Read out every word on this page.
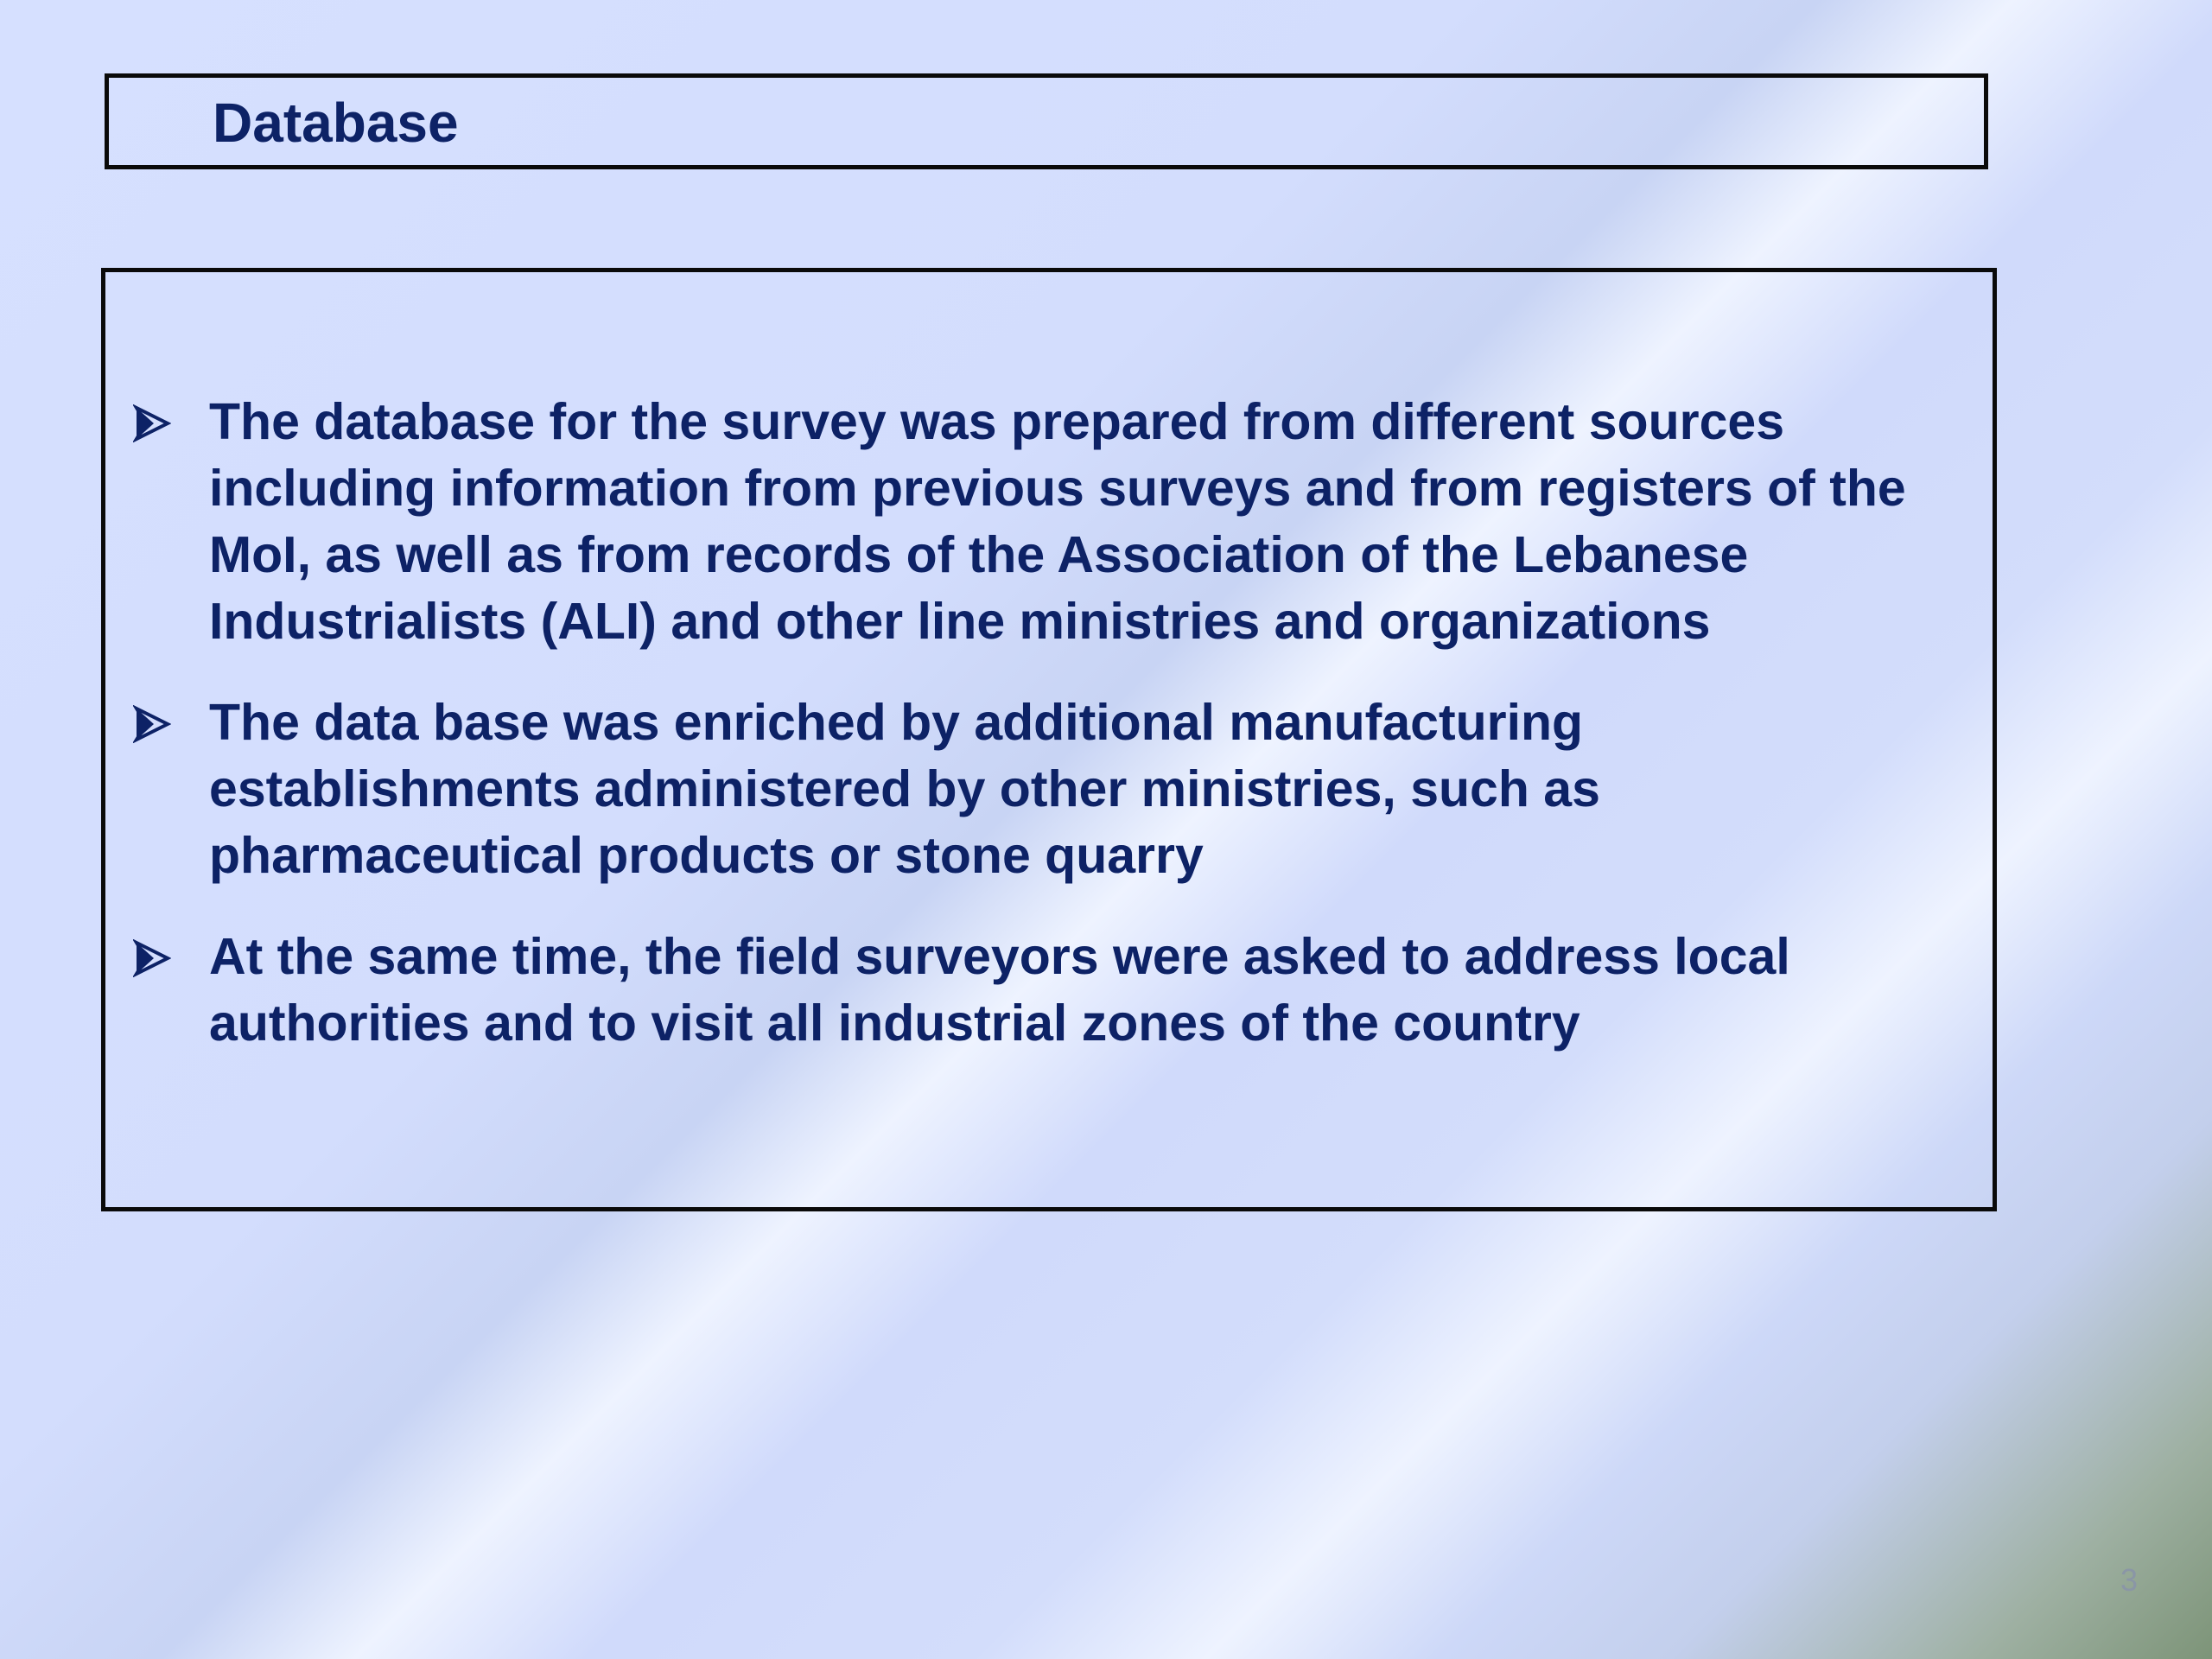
Database
The database for the survey was prepared from different sources including information from previous surveys and from registers of the MoI, as well as from records of the Association of the Lebanese Industrialists (ALI) and other line ministries and organizations
The data base was enriched by additional manufacturing establishments administered by other ministries, such as pharmaceutical products or stone quarry
At the same time, the field surveyors were asked to address local authorities and to visit all industrial zones of the country
3
